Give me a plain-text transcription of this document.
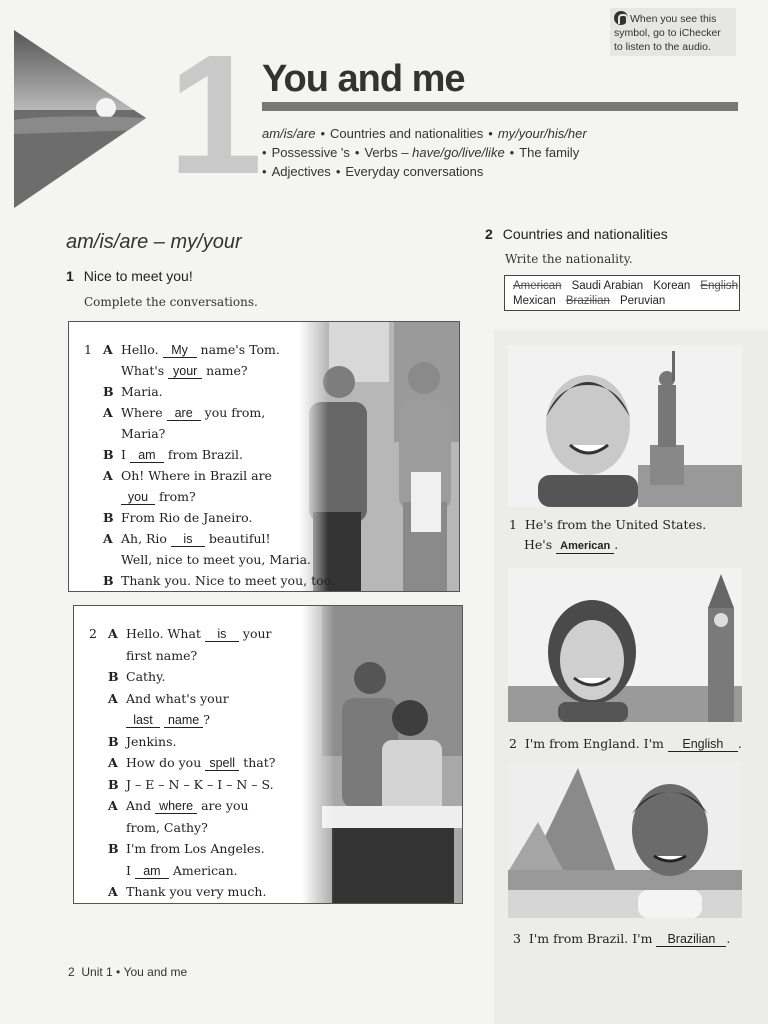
When you see this
symbol, go to iChecker
to listen to the audio.
1 You and me
am/is/are • Countries and nationalities • my/your/his/her
• Possessive 's • Verbs – have/go/live/like • The family
• Adjectives • Everyday conversations
am/is/are – my/your
1 Nice to meet you!
Complete the conversations.
1 A Hello. My name's Tom.
What's your name?
B Maria.
A Where are you from,
Maria?
B I am from Brazil.
A Oh! Where in Brazil are
you from?
B From Rio de Janeiro.
A Ah, Rio is beautiful!
Well, nice to meet you, Maria.
B Thank you. Nice to meet you, too.
2 A Hello. What is your
first name?
B Cathy.
A And what's your
last name ?
B Jenkins.
A How do you spell that?
B J – E – N – K – I – N – S.
A And where are you
from, Cathy?
B I'm from Los Angeles.
I am American.
A Thank you very much.
2 Countries and nationalities
Write the nationality.
American Saudi Arabian Korean English
Mexican Brazilian Peruvian
1 He's from the United States.
He's American .
2 I'm from England. I'm English .
3 I'm from Brazil. I'm Brazilian .
2 Unit 1 • You and me
